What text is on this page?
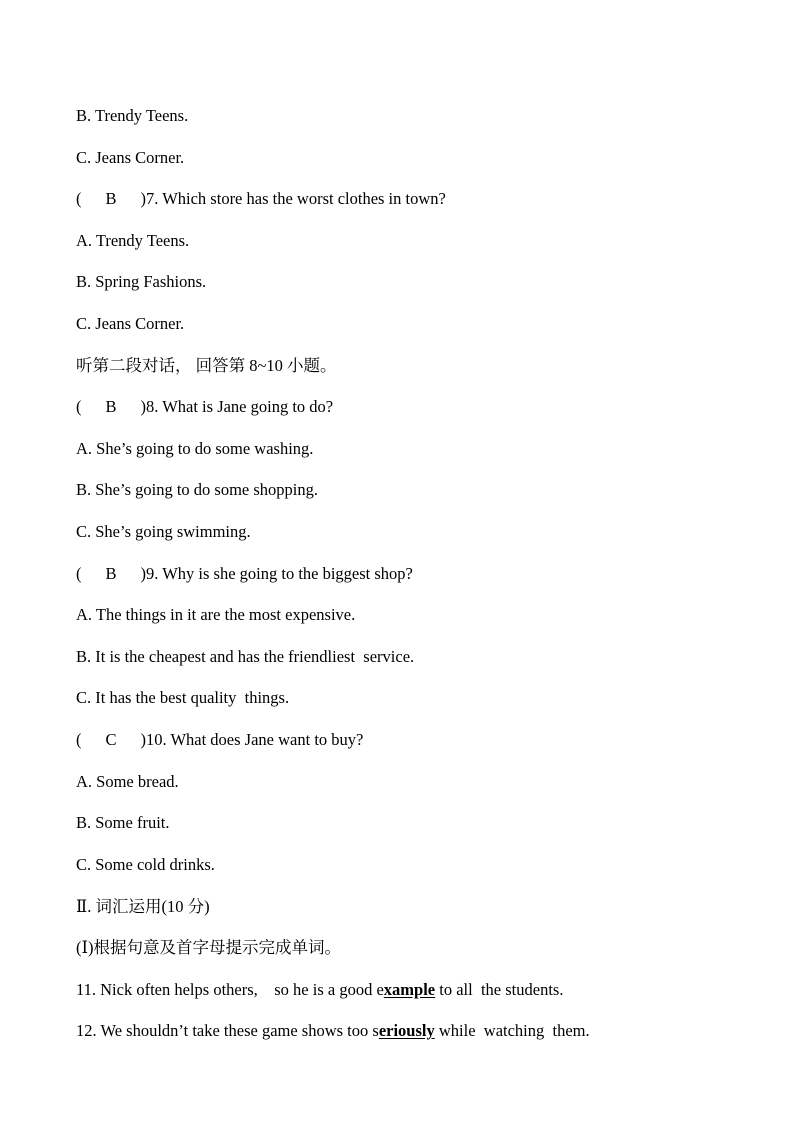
B. Trendy Teens.
C. Jeans Corner.
( B )7. Which store has the worst clothes in town?
A. Trendy Teens.
B. Spring Fashions.
C. Jeans Corner.
听第二段对话， 回答第 8~10 小题。
( B )8. What is Jane going to do?
A. She’s going to do some washing.
B. She’s going to do some shopping.
C. She’s going swimming.
( B )9. Why is she going to the biggest shop?
A. The things in it are the most expensive.
B. It is the cheapest and has the friendliest  service.
C. It has the best quality  things.
( C )10. What does Jane want to buy?
A. Some bread.
B. Some fruit.
C. Some cold drinks.
Ⅱ. 词汇运用(10 分)
(Ⅰ)根据句意及首字母提示完成单词。
11. Nick often helps others,    so he is a good example to all  the students.
12. We shouldn’t take these game shows too seriously while  watching  them.
